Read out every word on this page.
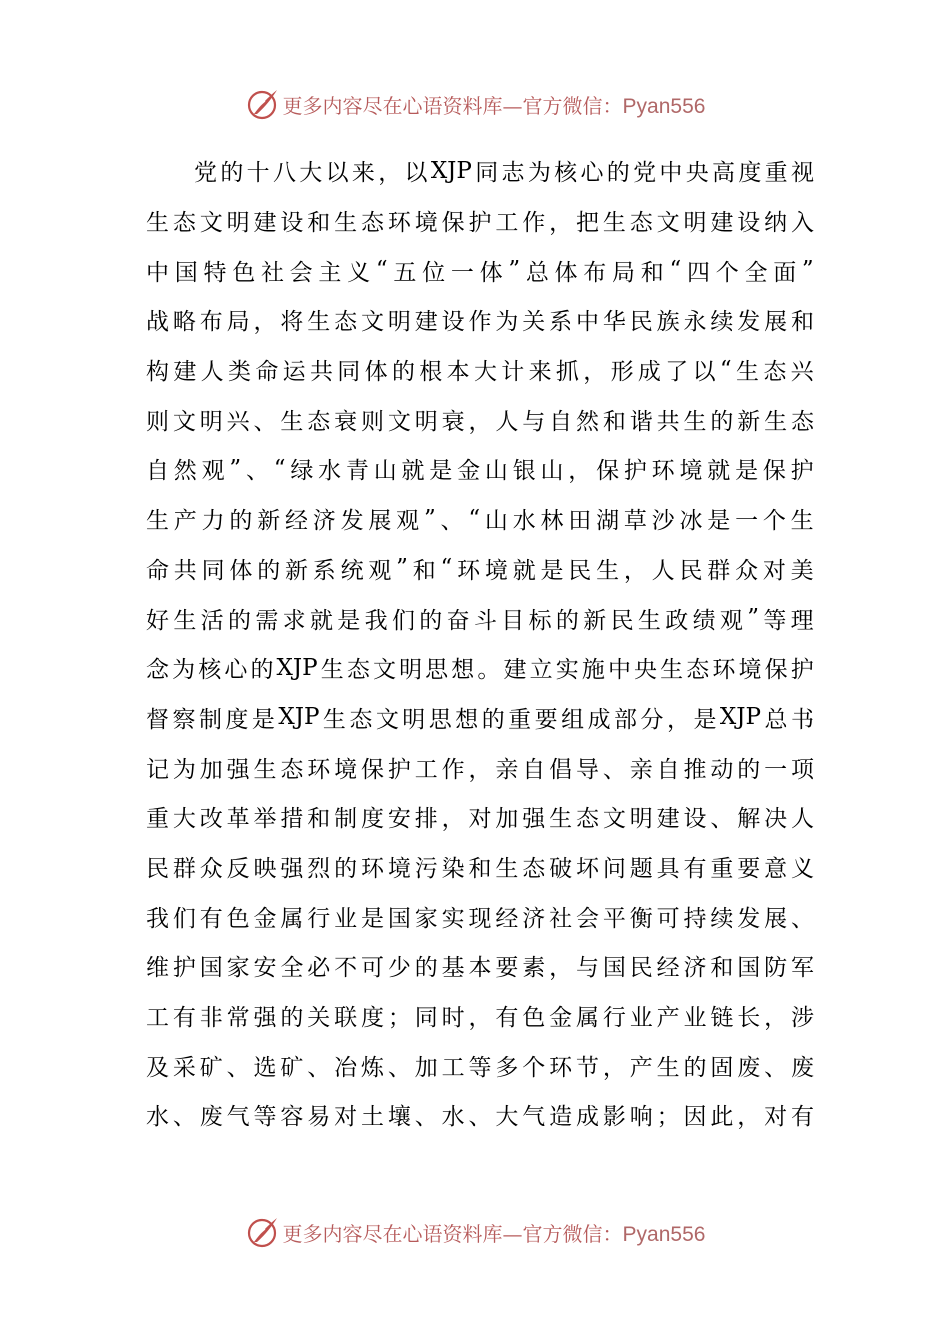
更多内容尽在心语资料库 —官方微信： Pyan556
党 的 十 八 大 以 来 ， 以 XJP 同 志 为 核 心 的 党 中 央 高 度 重 视
生 态 文 明 建 设 和 生 态 环 境 保 护 工 作 ， 把 生 态 文 明 建 设 纳 入
中 国 特 色 社 会 主 义 “ 五 位 一 体 ” 总 体 布 局 和 “ 四 个 全 面 ”
战 略 布 局 ， 将 生 态 文 明 建 设 作 为 关 系 中 华 民 族 永 续 发 展 和
构 建 人 类 命 运 共 同 体 的 根 本 大 计 来 抓 ， 形 成 了 以 “ 生 态 兴
则 文 明 兴 、 生 态 衰 则 文 明 衰 ， 人 与 自 然 和 谐 共 生 的 新 生 态
自 然 观 ” 、 “ 绿 水 青 山 就 是 金 山 银 山 ， 保 护 环 境 就 是 保 护
生 产 力 的 新 经 济 发 展 观 ” 、 “ 山 水 林 田 湖 草 沙 冰 是 一 个 生
命 共 同 体 的 新 系 统 观 ” 和 “ 环 境 就 是 民 生 ， 人 民 群 众 对 美
好 生 活 的 需 求 就 是 我 们 的 奋 斗 目 标 的 新 民 生 政 绩 观 ” 等 理
念 为 核 心 的 XJP 生 态 文 明 思 想 。 建 立 实 施 中 央 生 态 环 境 保 护
督 察 制 度 是 XJP 生 态 文 明 思 想 的 重 要 组 成 部 分 ， 是 XJP 总 书
记 为 加 强 生 态 环 境 保 护 工 作 ， 亲 自 倡 导 、 亲 自 推 动 的 一 项
重 大 改 革 举 措 和 制 度 安 排 ， 对 加 强 生 态 文 明 建 设 、 解 决 人
民 群 众 反 映 强 烈 的 环 境 污 染 和 生 态 破 坏 问 题 具 有 重 要 意 义
我 们 有 色 金 属 行 业 是 国 家 实 现 经 济 社 会 平 衡 可 持 续 发 展 、
维 护 国 家 安 全 必 不 可 少 的 基 本 要 素 ， 与 国 民 经 济 和 国 防 军
工 有 非 常 强 的 关 联 度 ； 同 时 ， 有 色 金 属 行 业 产 业 链 长 ， 涉
及 采 矿 、 选 矿 、 冶 炼 、 加 工 等 多 个 环 节 ， 产 生 的 固 废 、 废
水 、 废 气 等 容 易 对 土 壤 、 水 、 大 气 造 成 影 响 ； 因 此 ， 对 有
更多内容尽在心语资料库 —官方微信： Pyan556
